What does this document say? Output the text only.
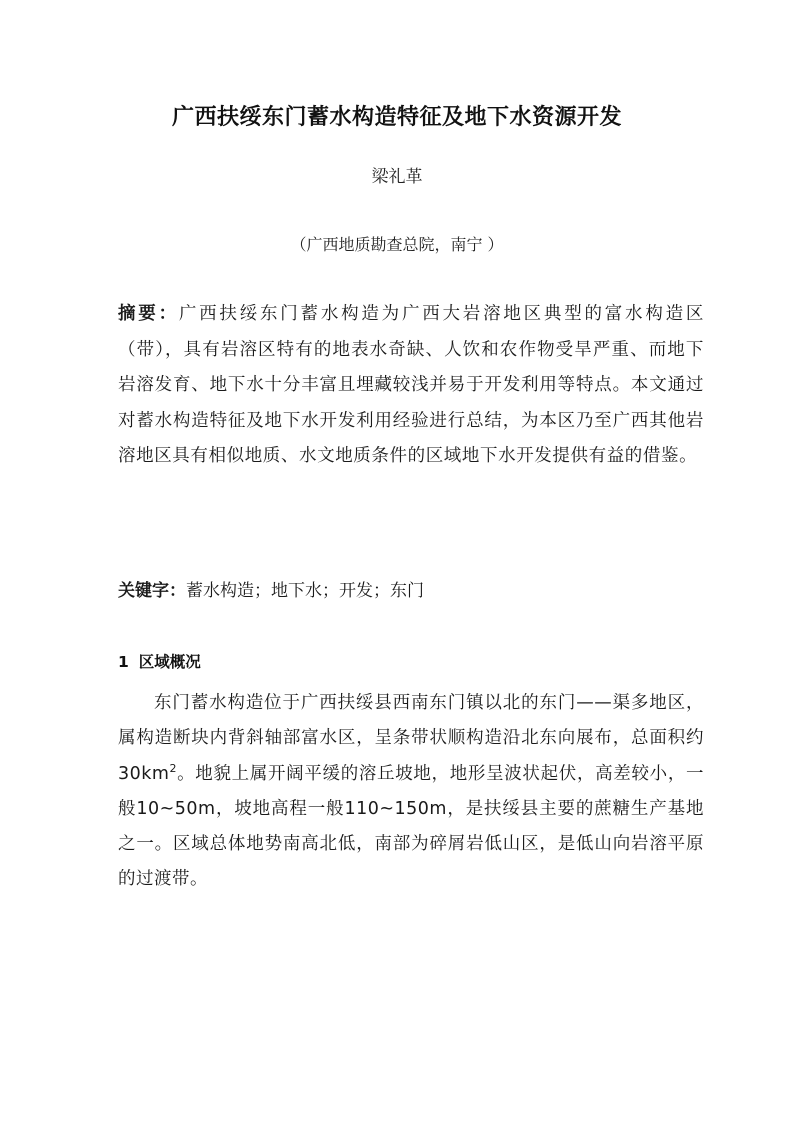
广西扶绥东门蓄水构造特征及地下水资源开发
梁礼革
（广西地质勘查总院，南宁 ）

摘要：广西扶绥东门蓄水构造为广西大岩溶地区典型的富水构造区（带），具有岩溶区特有的地表水奇缺、人饮和农作物受旱严重、而地下岩溶发育、地下水十分丰富且埋藏较浅并易于开发利用等特点。本文通过对蓄水构造特征及地下水开发利用经验进行总结，为本区乃至广西其他岩溶地区具有相似地质、水文地质条件的区域地下水开发提供有益的借鉴。

关键字：蓄水构造；地下水；开发；东门

1 区域概况

东门蓄水构造位于广西扶绥县西南东门镇以北的东门——渠多地区，属构造断块内背斜轴部富水区，呈条带状顺构造沿北东向展布，总面积约$30km^2$。地貌上属开阔平缓的溶丘坡地，地形呈波状起伏，高差较小，一般10~50m，坡地高程一般110~150m，是扶绥县主要的蔗糖生产基地之一。区域总体地势南高北低，南部为碎屑岩低山区，是低山向岩溶平原的过渡带。
